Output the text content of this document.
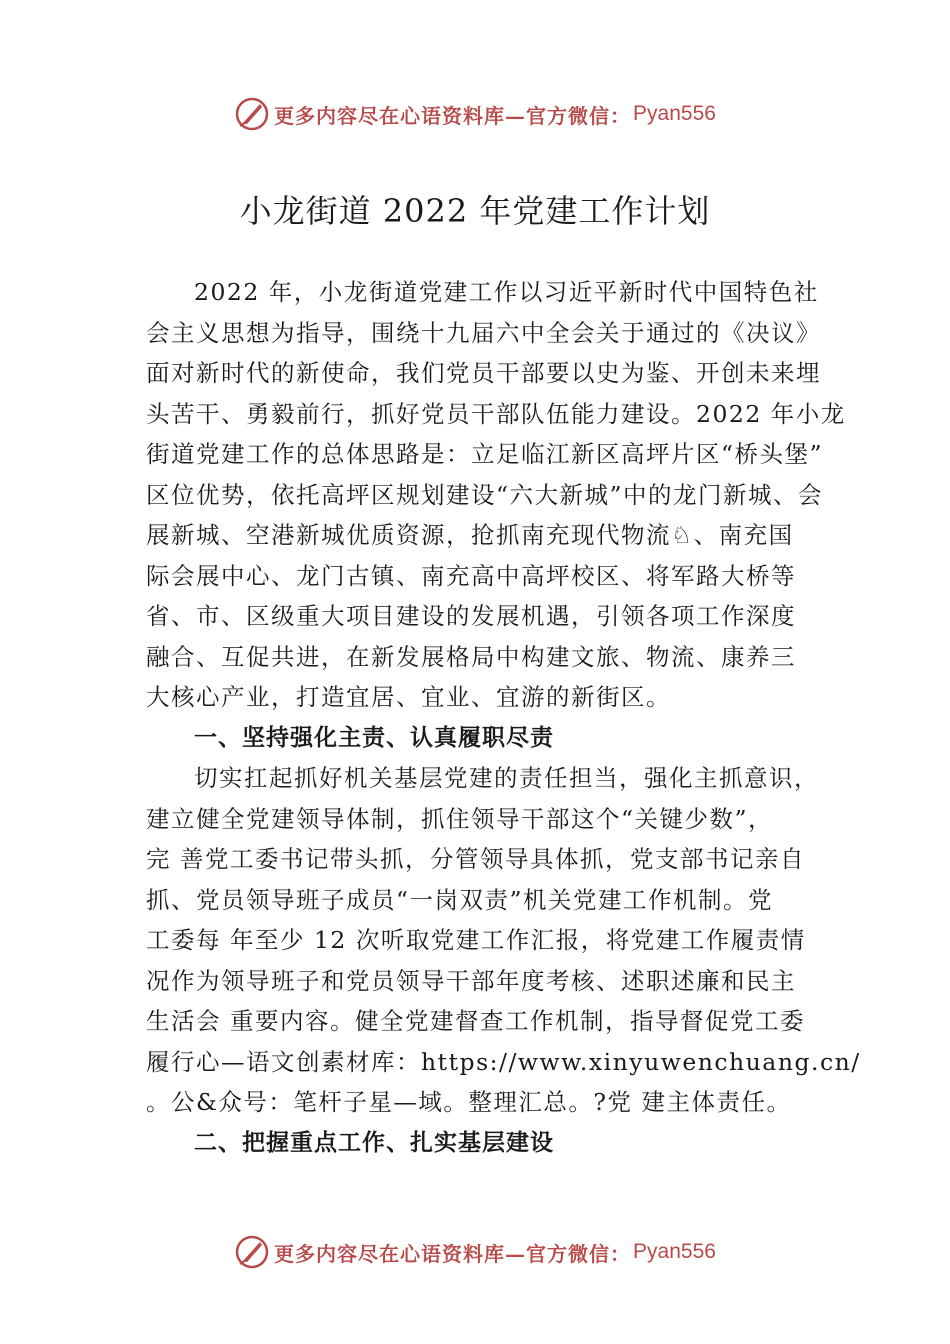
更多内容尽在心语资料库—官方微信： Pyan556
小龙街道 2022 年党建工作计划
2022 年，小龙街道党建工作以习近平新时代中国特色社
会主义思想为指导，围绕十九届六中全会关于通过的《决议》
面对新时代的新使命，我们党员干部要以史为鉴、开创未来埋
头苦干、勇毅前行，抓好党员干部队伍能力建设。2022 年小龙
街道党建工作的总体思路是：立足临江新区高坪片区“桥头堡”
区位优势，依托高坪区规划建设“六大新城”中的龙门新城、会
展新城、空港新城优质资源，抢抓南充现代物流♘、南充国
际会展中心、龙门古镇、南充高中高坪校区、将军路大桥等
省、市、区级重大项目建设的发展机遇，引领各项工作深度
融合、互促共进，在新发展格局中构建文旅、物流、康养三
大核心产业，打造宜居、宜业、宜游的新街区。
一、坚持强化主责、认真履职尽责
切实扛起抓好机关基层党建的责任担当，强化主抓意识，
建立健全党建领导体制，抓住领导干部这个“关键少数”，
完 善党工委书记带头抓，分管领导具体抓，党支部书记亲自
抓、党员领导班子成员“一岗双责”机关党建工作机制。党
工委每 年至少 12 次听取党建工作汇报，将党建工作履责情
况作为领导班子和党员领导干部年度考核、述职述廉和民主
生活会 重要内容。健全党建督查工作机制，指导督促党工委
履行心—语文创素材库：https://www.xinyuwenchuang.cn/
。公&众号：笔杆子星—域。整理汇总。?党 建主体责任。
二、把握重点工作、扎实基层建设
更多内容尽在心语资料库—官方微信： Pyan556
